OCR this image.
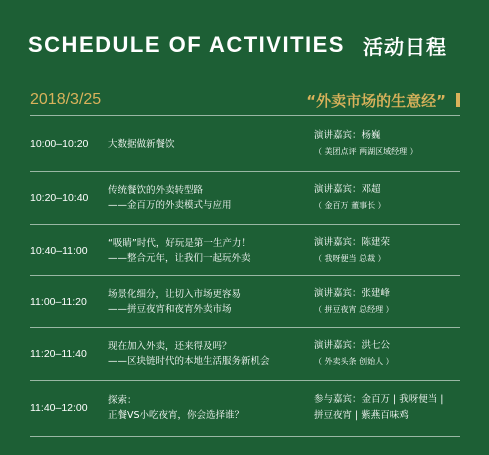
SCHEDULE OF ACTIVITIES 活动日程
2018/3/25	“外卖市场的生意经”
10:00–10:20 大数据做新餐饮
演讲嘉宾：杨巍
（ 美团点评 两湖区域经理 ）
10:20–10:40
传统餐饮的外卖转型路
——金百万的外卖模式与应用
演讲嘉宾：邓超
（ 金百万 董事长 ）
10:40–11:00
“吸睛”时代，好玩是第一生产力！
——整合元年，让我们一起玩外卖
演讲嘉宾：陈建荣
（ 我呀便当 总裁 ）
11:00–11:20
场景化细分，让切入市场更容易
——拼豆夜宵和夜宵外卖市场
演讲嘉宾：张建峰
（ 拼豆夜宵 总经理 ）
11:20–11:40
现在加入外卖，还来得及吗？
——区块链时代的本地生活服务新机会
演讲嘉宾：洪七公
（ 外卖头条 创始人 ）
11:40–12:00
探索：
正餐VS小吃夜宵，你会选择谁？
参与嘉宾：金百万 | 我呀便当 |
拼豆夜宵 | 紫燕百味鸡
